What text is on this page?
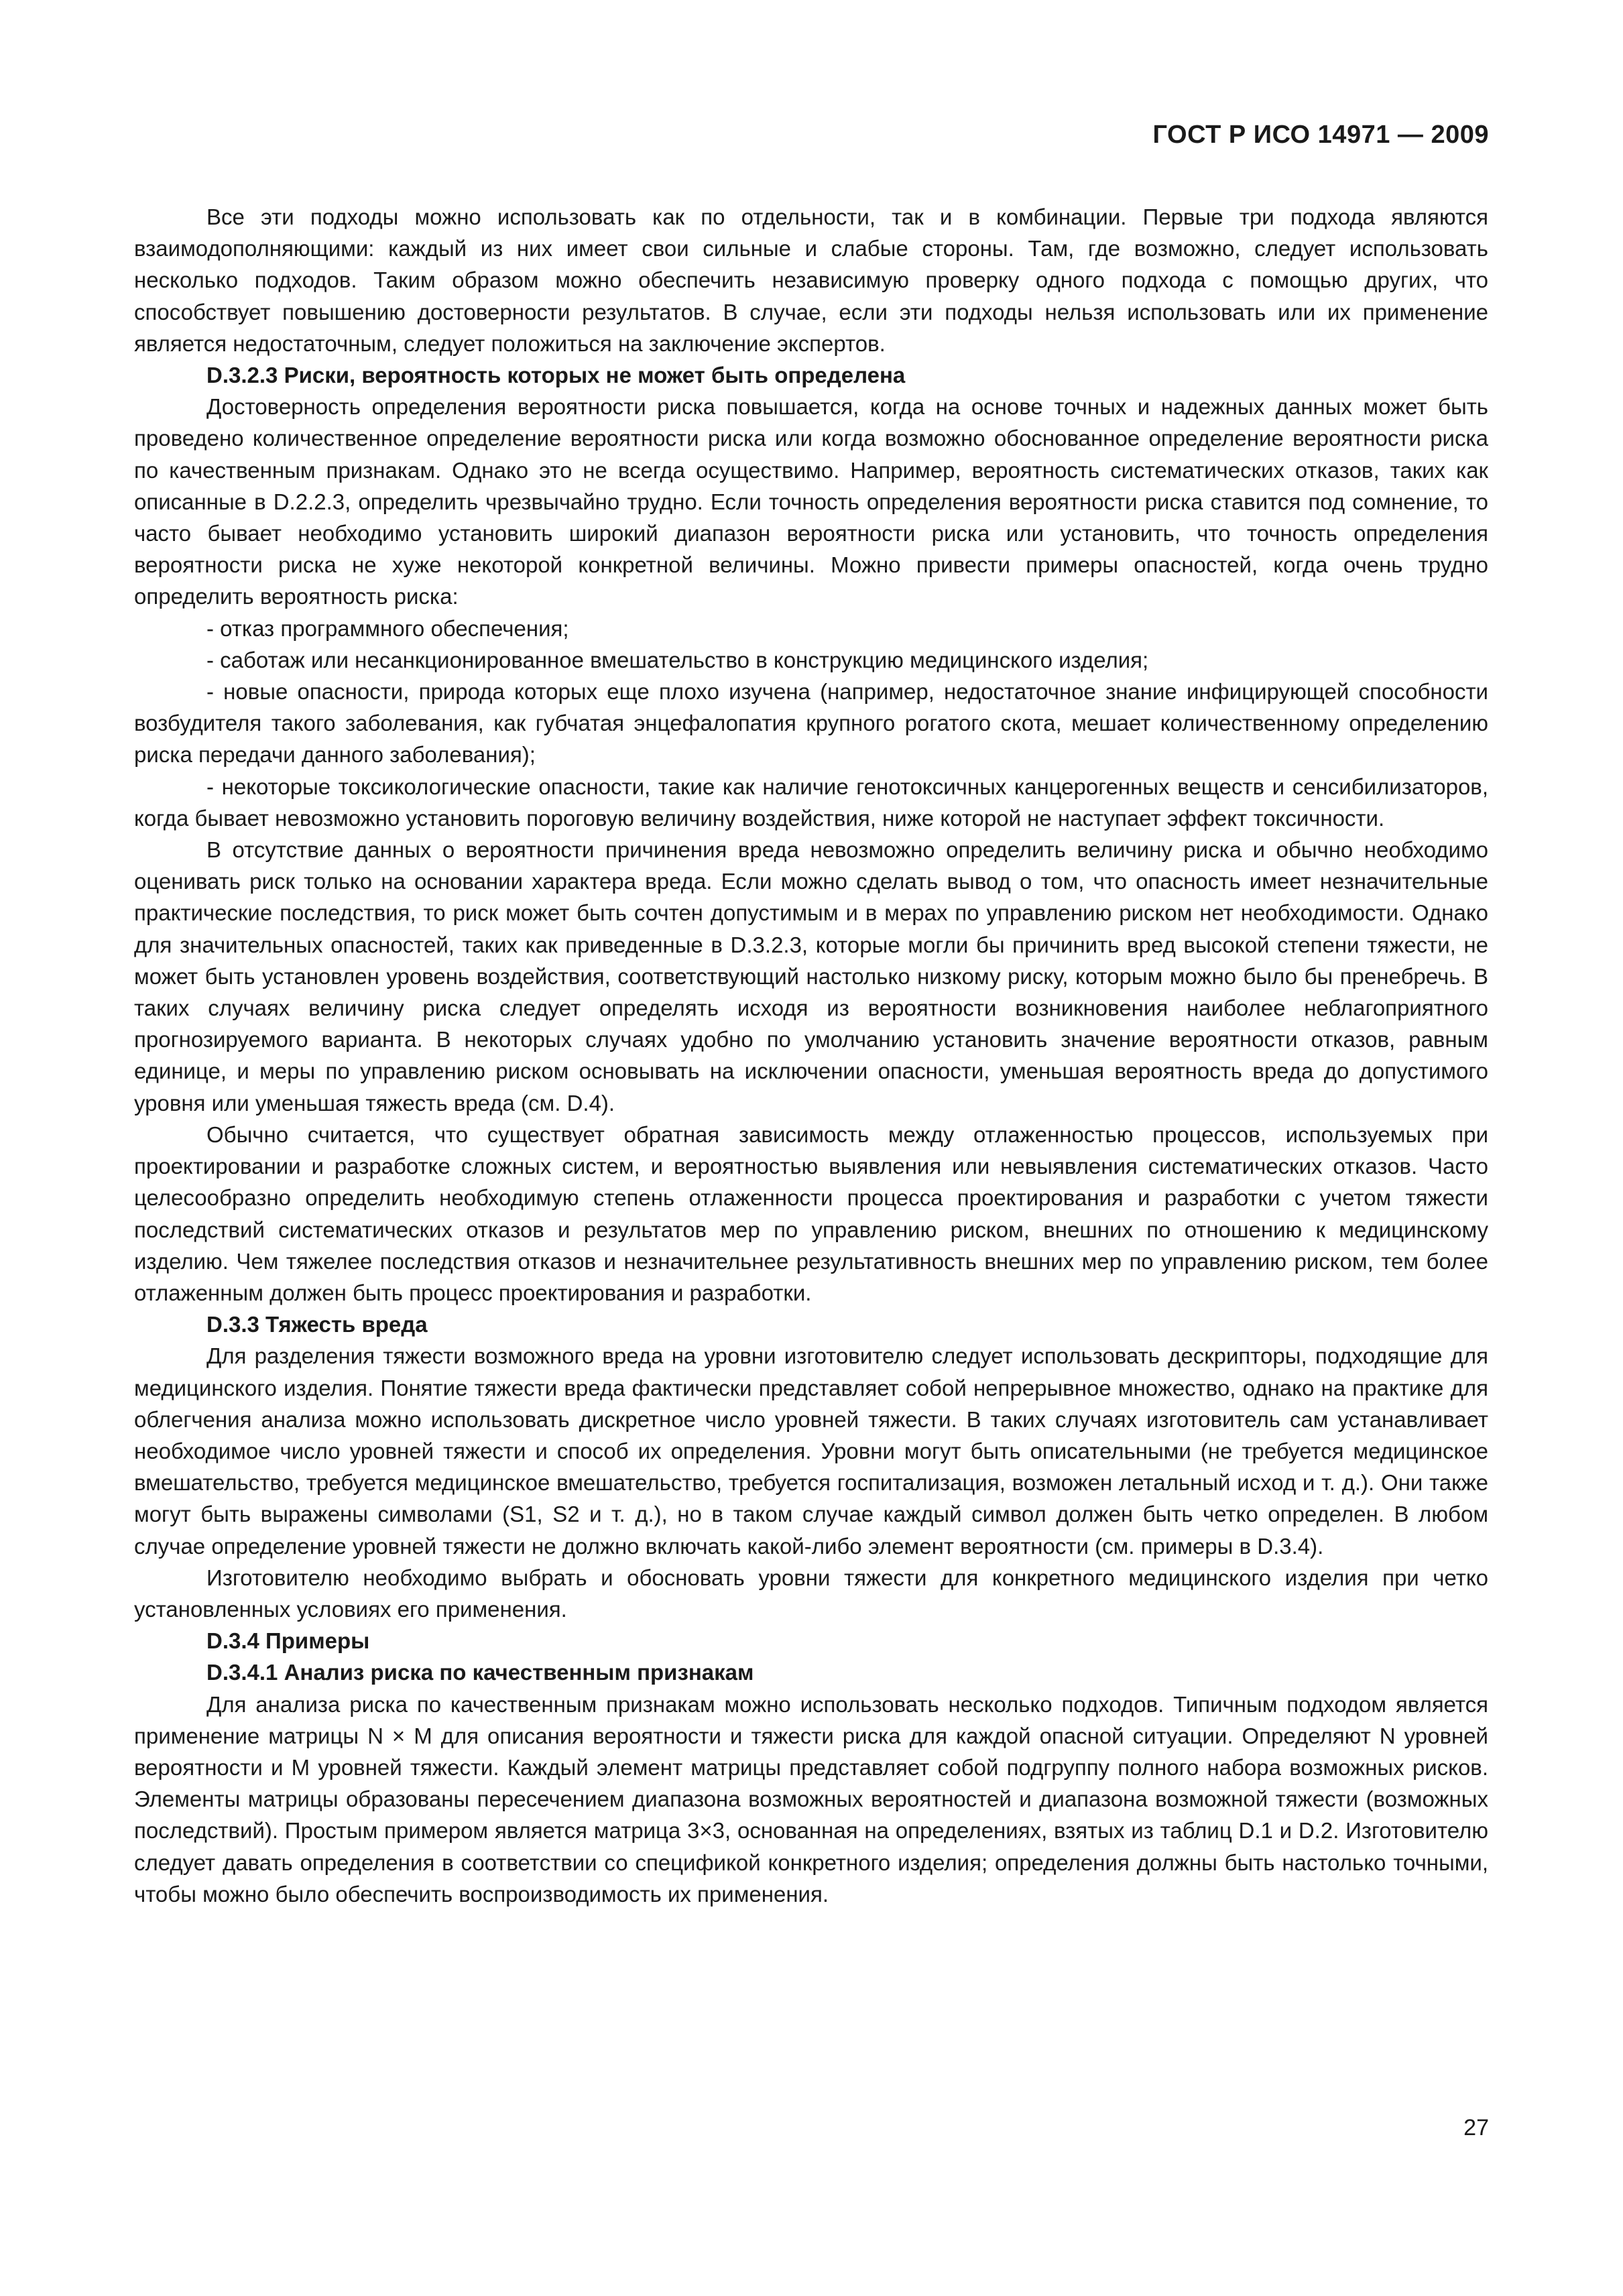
ГОСТ Р ИСО 14971 — 2009

Все эти подходы можно использовать как по отдельности, так и в комбинации. Первые три подхода являются взаимодополняющими: каждый из них имеет свои сильные и слабые стороны. Там, где возможно, следует использовать несколько подходов. Таким образом можно обеспечить независимую проверку одного подхода с помощью других, что способствует повышению достоверности результатов. В случае, если эти подходы нельзя использовать или их применение является недостаточным, следует положиться на заключение экспертов.

D.3.2.3 Риски, вероятность которых не может быть определена

Достоверность определения вероятности риска повышается, когда на основе точных и надежных данных может быть проведено количественное определение вероятности риска или когда возможно обоснованное определение вероятности риска по качественным признакам. Однако это не всегда осуществимо. Например, вероятность систематических отказов, таких как описанные в D.2.2.3, определить чрезвычайно трудно. Если точность определения вероятности риска ставится под сомнение, то часто бывает необходимо установить широкий диапазон вероятности риска или установить, что точность определения вероятности риска не хуже некоторой конкретной величины. Можно привести примеры опасностей, когда очень трудно определить вероятность риска:

- отказ программного обеспечения;

- саботаж или несанкционированное вмешательство в конструкцию медицинского изделия;

- новые опасности, природа которых еще плохо изучена (например, недостаточное знание инфицирующей способности возбудителя такого заболевания, как губчатая энцефалопатия крупного рогатого скота, мешает количественному определению риска передачи данного заболевания);

- некоторые токсикологические опасности, такие как наличие генотоксичных канцерогенных веществ и сенсибилизаторов, когда бывает невозможно установить пороговую величину воздействия, ниже которой не наступает эффект токсичности.

В отсутствие данных о вероятности причинения вреда невозможно определить величину риска и обычно необходимо оценивать риск только на основании характера вреда. Если можно сделать вывод о том, что опасность имеет незначительные практические последствия, то риск может быть сочтен допустимым и в мерах по управлению риском нет необходимости. Однако для значительных опасностей, таких как приведенные в D.3.2.3, которые могли бы причинить вред высокой степени тяжести, не может быть установлен уровень воздействия, соответствующий настолько низкому риску, которым можно было бы пренебречь. В таких случаях величину риска следует определять исходя из вероятности возникновения наиболее неблагоприятного прогнозируемого варианта. В некоторых случаях удобно по умолчанию установить значение вероятности отказов, равным единице, и меры по управлению риском основывать на исключении опасности, уменьшая вероятность вреда до допустимого уровня или уменьшая тяжесть вреда (см. D.4).

Обычно считается, что существует обратная зависимость между отлаженностью процессов, используемых при проектировании и разработке сложных систем, и вероятностью выявления или невыявления систематических отказов. Часто целесообразно определить необходимую степень отлаженности процесса проектирования и разработки с учетом тяжести последствий систематических отказов и результатов мер по управлению риском, внешних по отношению к медицинскому изделию. Чем тяжелее последствия отказов и незначительнее результативность внешних мер по управлению риском, тем более отлаженным должен быть процесс проектирования и разработки.

D.3.3 Тяжесть вреда

Для разделения тяжести возможного вреда на уровни изготовителю следует использовать дескрипторы, подходящие для медицинского изделия. Понятие тяжести вреда фактически представляет собой непрерывное множество, однако на практике для облегчения анализа можно использовать дискретное число уровней тяжести. В таких случаях изготовитель сам устанавливает необходимое число уровней тяжести и способ их определения. Уровни могут быть описательными (не требуется медицинское вмешательство, требуется медицинское вмешательство, требуется госпитализация, возможен летальный исход и т. д.). Они также могут быть выражены символами (S1, S2 и т. д.), но в таком случае каждый символ должен быть четко определен. В любом случае определение уровней тяжести не должно включать какой-либо элемент вероятности (см. примеры в D.3.4).

Изготовителю необходимо выбрать и обосновать уровни тяжести для конкретного медицинского изделия при четко установленных условиях его применения.

D.3.4 Примеры

D.3.4.1 Анализ риска по качественным признакам

Для анализа риска по качественным признакам можно использовать несколько подходов. Типичным подходом является применение матрицы N × M для описания вероятности и тяжести риска для каждой опасной ситуации. Определяют N уровней вероятности и M уровней тяжести. Каждый элемент матрицы представляет собой подгруппу полного набора возможных рисков. Элементы матрицы образованы пересечением диапазона возможных вероятностей и диапазона возможной тяжести (возможных последствий). Простым примером является матрица 3×3, основанная на определениях, взятых из таблиц D.1 и D.2. Изготовителю следует давать определения в соответствии со спецификой конкретного изделия; определения должны быть настолько точными, чтобы можно было обеспечить воспроизводимость их применения.

27
